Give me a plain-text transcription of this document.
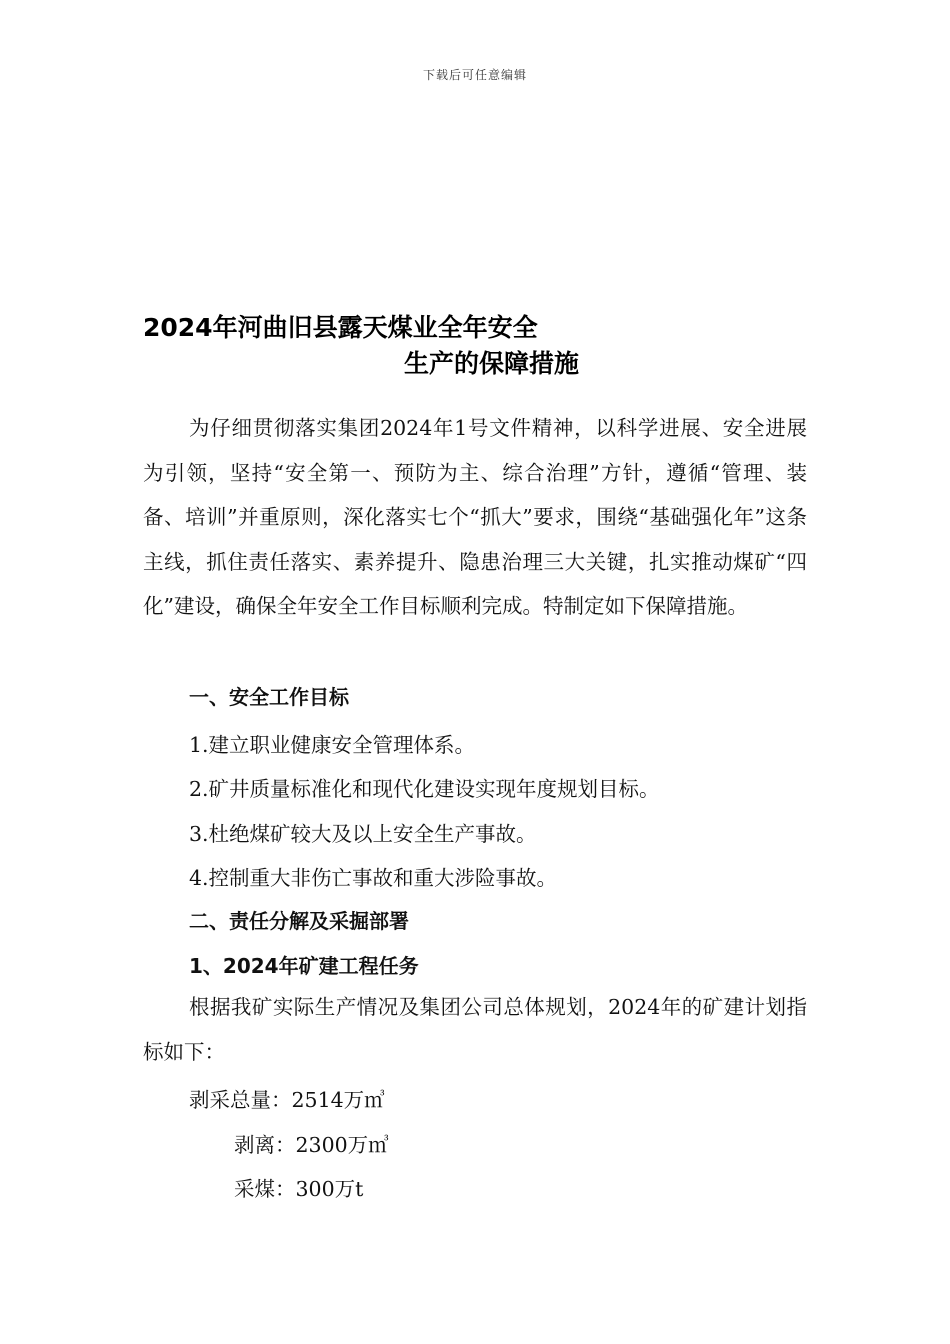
下载后可任意编辑
2024年河曲旧县露天煤业全年安全
生产的保障措施

为仔细贯彻落实集团2024年1号文件精神，以科学进展、安全进展为引领，坚持“安全第一、预防为主、综合治理”方针，遵循“管理、装备、培训”并重原则，深化落实七个“抓大”要求，围绕“基础强化年”这条主线，抓住责任落实、素养提升、隐患治理三大关键，扎实推动煤矿“四化”建设，确保全年安全工作目标顺利完成。特制定如下保障措施。

一、安全工作目标
1.建立职业健康安全管理体系。
2.矿井质量标准化和现代化建设实现年度规划目标。
3.杜绝煤矿较大及以上安全生产事故。
4.控制重大非伤亡事故和重大涉险事故。
二、责任分解及采掘部署
1、2024年矿建工程任务

根据我矿实际生产情况及集团公司总体规划，2024年的矿建计划指标如下：

剥采总量：2514万㎥
剥离：2300万㎥
采煤：300万t
